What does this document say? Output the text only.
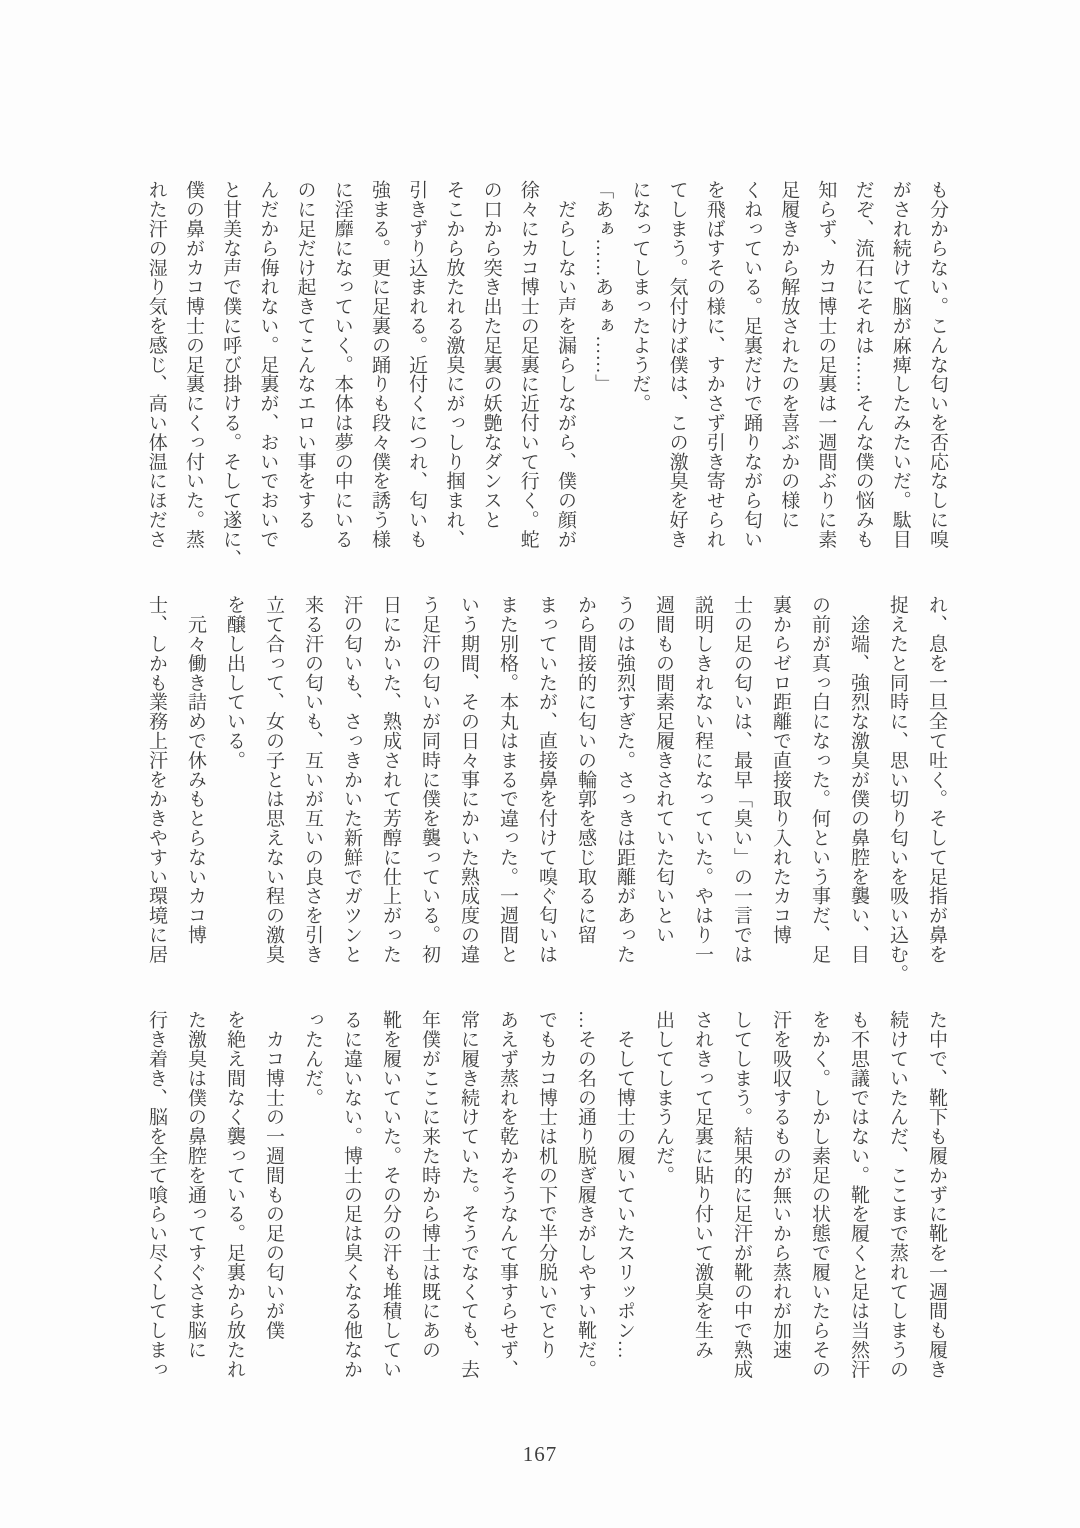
も分からない。こんな匂いを否応なしに嗅
がされ続けて脳が麻痺したみたいだ。駄目
だぞ、流石にそれは……そんな僕の悩みも
知らず、カコ博士の足裏は一週間ぶりに素
足履きから解放されたのを喜ぶかの様に
くねっている。足裏だけで踊りながら匂い
を飛ばすその様に、すかさず引き寄せられ
てしまう。気付けば僕は、この激臭を好き
になってしまったようだ。
「あぁ……あぁぁ……」
　だらしない声を漏らしながら、僕の顔が
徐々にカコ博士の足裏に近付いて行く。蛇
の口から突き出た足裏の妖艶なダンスと
そこから放たれる激臭にがっしり掴まれ、
引きずり込まれる。近付くにつれ、匂いも
強まる。更に足裏の踊りも段々僕を誘う様
に淫靡になっていく。本体は夢の中にいる
のに足だけ起きてこんなエロい事をする
んだから侮れない。足裏が、おいでおいで
と甘美な声で僕に呼び掛ける。そして遂に、
僕の鼻がカコ博士の足裏にくっ付いた。蒸
れた汗の湿り気を感じ、高い体温にほださ
れ、息を一旦全て吐く。そして足指が鼻を
捉えたと同時に、思い切り匂いを吸い込む。
　途端、強烈な激臭が僕の鼻腔を襲い、目
の前が真っ白になった。何という事だ、足
裏からゼロ距離で直接取り入れたカコ博
士の足の匂いは、最早「臭い」の一言では
説明しきれない程になっていた。やはり一
週間もの間素足履きされていた匂いとい
うのは強烈すぎた。さっきは距離があった
から間接的に匂いの輪郭を感じ取るに留
まっていたが、直接鼻を付けて嗅ぐ匂いは
また別格。本丸はまるで違った。一週間と
いう期間、その日々事にかいた熟成度の違
う足汗の匂いが同時に僕を襲っている。初
日にかいた、熟成されて芳醇に仕上がった
汗の匂いも、さっきかいた新鮮でガツンと
来る汗の匂いも、互いが互いの良さを引き
立て合って、女の子とは思えない程の激臭
を醸し出している。
　元々働き詰めで休みもとらないカコ博
士、しかも業務上汗をかきやすい環境に居
た中で、靴下も履かずに靴を一週間も履き
続けていたんだ、ここまで蒸れてしまうの
も不思議ではない。靴を履くと足は当然汗
をかく。しかし素足の状態で履いたらその
汗を吸収するものが無いから蒸れが加速
してしまう。結果的に足汗が靴の中で熟成
されきって足裏に貼り付いて激臭を生み
出してしまうんだ。
　そして博士の履いていたスリッポン…
…その名の通り脱ぎ履きがしやすい靴だ。
でもカコ博士は机の下で半分脱いでとり
あえず蒸れを乾かそうなんて事すらせず、
常に履き続けていた。そうでなくても、去
年僕がここに来た時から博士は既にあの
靴を履いていた。その分の汗も堆積してい
るに違いない。博士の足は臭くなる他なか
ったんだ。
　カコ博士の一週間もの足の匂いが僕
を絶え間なく襲っている。足裏から放たれ
た激臭は僕の鼻腔を通ってすぐさま脳に
行き着き、脳を全て喰らい尽くしてしまっ
167
